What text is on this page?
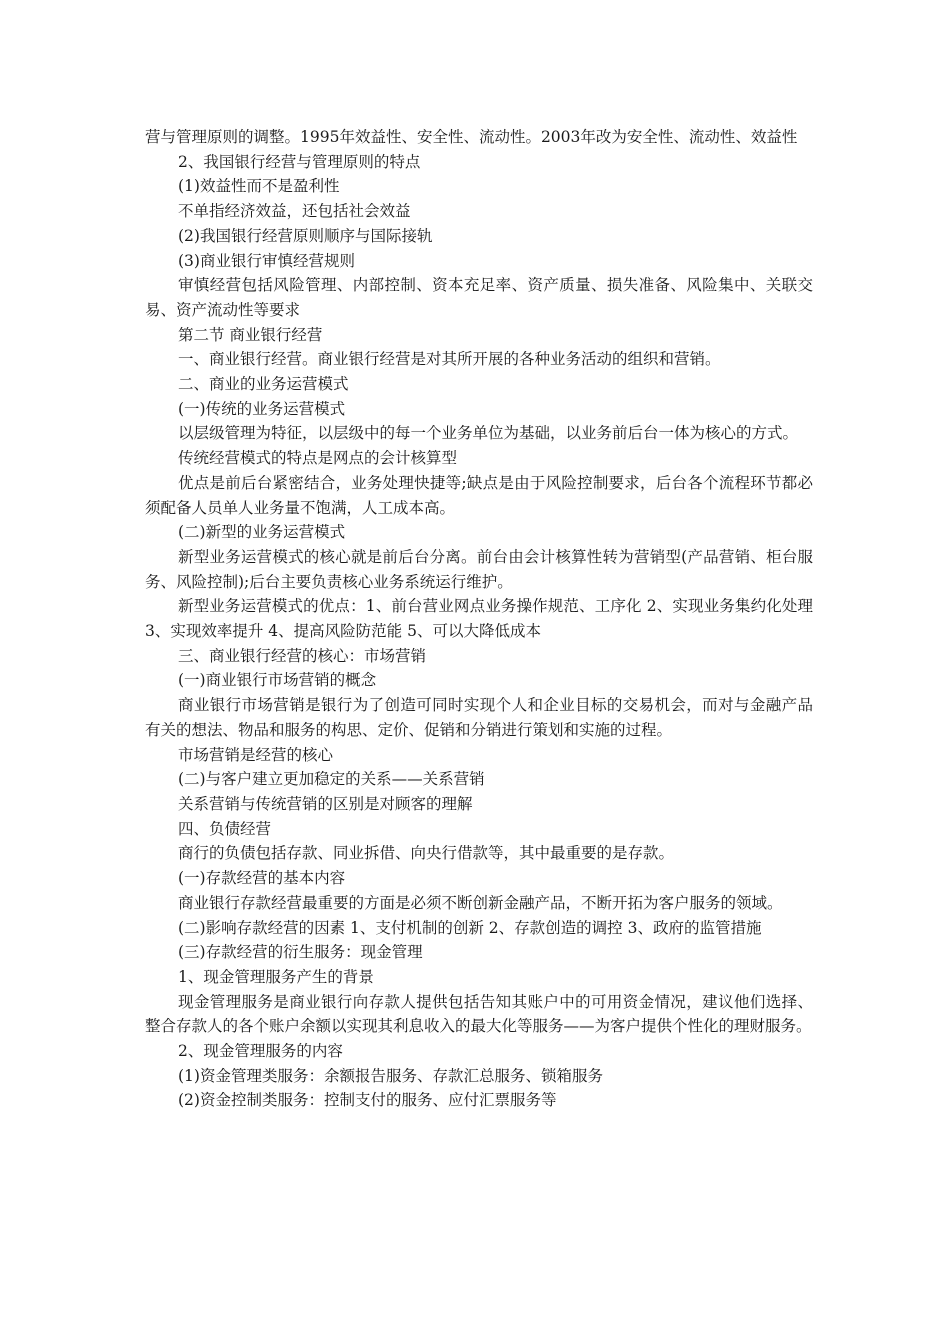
营与管理原则的调整。1995年效益性、安全性、流动性。2003年改为安全性、流动性、效益性

2、我国银行经营与管理原则的特点

(1)效益性而不是盈利性

不单指经济效益，还包括社会效益

(2)我国银行经营原则顺序与国际接轨

(3)商业银行审慎经营规则

审慎经营包括风险管理、内部控制、资本充足率、资产质量、损失准备、风险集中、关联交易、资产流动性等要求

第二节 商业银行经营

一、商业银行经营。商业银行经营是对其所开展的各种业务活动的组织和营销。

二、商业的业务运营模式

(一)传统的业务运营模式

以层级管理为特征，以层级中的每一个业务单位为基础，以业务前后台一体为核心的方式。

传统经营模式的特点是网点的会计核算型

优点是前后台紧密结合，业务处理快捷等;缺点是由于风险控制要求，后台各个流程环节都必须配备人员单人业务量不饱满，人工成本高。

(二)新型的业务运营模式

新型业务运营模式的核心就是前后台分离。前台由会计核算性转为营销型(产品营销、柜台服务、风险控制);后台主要负责核心业务系统运行维护。

新型业务运营模式的优点：1、前台营业网点业务操作规范、工序化 2、实现业务集约化处理 3、实现效率提升 4、提高风险防范能 5、可以大降低成本

三、商业银行经营的核心：市场营销

(一)商业银行市场营销的概念

商业银行市场营销是银行为了创造可同时实现个人和企业目标的交易机会，而对与金融产品有关的想法、物品和服务的构思、定价、促销和分销进行策划和实施的过程。

市场营销是经营的核心

(二)与客户建立更加稳定的关系——关系营销

关系营销与传统营销的区别是对顾客的理解

四、负债经营

商行的负债包括存款、同业拆借、向央行借款等，其中最重要的是存款。

(一)存款经营的基本内容

商业银行存款经营最重要的方面是必须不断创新金融产品，不断开拓为客户服务的领域。

(二)影响存款经营的因素 1、支付机制的创新 2、存款创造的调控 3、政府的监管措施

(三)存款经营的衍生服务：现金管理

1、现金管理服务产生的背景

现金管理服务是商业银行向存款人提供包括告知其账户中的可用资金情况，建议他们选择、整合存款人的各个账户余额以实现其利息收入的最大化等服务——为客户提供个性化的理财服务。

2、现金管理服务的内容

(1)资金管理类服务：余额报告服务、存款汇总服务、锁箱服务

(2)资金控制类服务：控制支付的服务、应付汇票服务等
